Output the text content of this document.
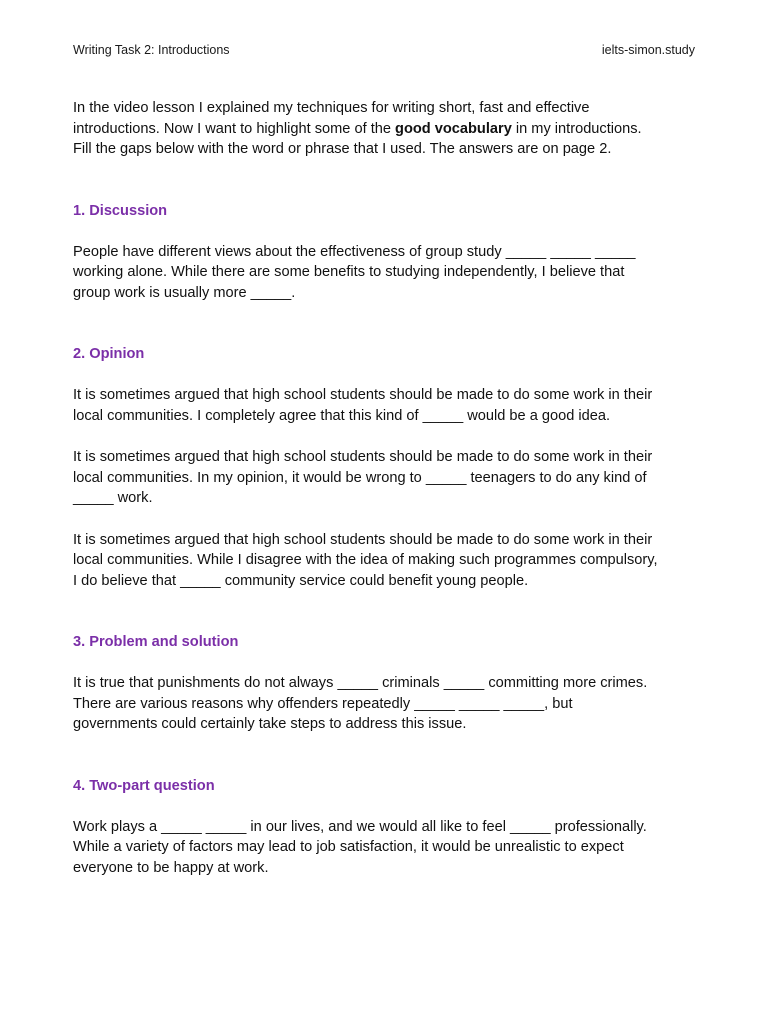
Writing Task 2: Introductions	ielts-simon.study

In the video lesson I explained my techniques for writing short, fast and effective
introductions. Now I want to highlight some of the good vocabulary in my introductions.
Fill the gaps below with the word or phrase that I used. The answers are on page 2.

1. Discussion

People have different views about the effectiveness of group study _____ _____ _____
working alone. While there are some benefits to studying independently, I believe that
group work is usually more _____.

2. Opinion

It is sometimes argued that high school students should be made to do some work in their
local communities. I completely agree that this kind of _____ would be a good idea.

It is sometimes argued that high school students should be made to do some work in their
local communities. In my opinion, it would be wrong to _____ teenagers to do any kind of
_____ work.

It is sometimes argued that high school students should be made to do some work in their
local communities. While I disagree with the idea of making such programmes compulsory,
I do believe that _____ community service could benefit young people.

3. Problem and solution

It is true that punishments do not always _____ criminals _____ committing more crimes.
There are various reasons why offenders repeatedly _____ _____ _____, but
governments could certainly take steps to address this issue.

4. Two-part question

Work plays a _____ _____ in our lives, and we would all like to feel _____ professionally.
While a variety of factors may lead to job satisfaction, it would be unrealistic to expect
everyone to be happy at work.
